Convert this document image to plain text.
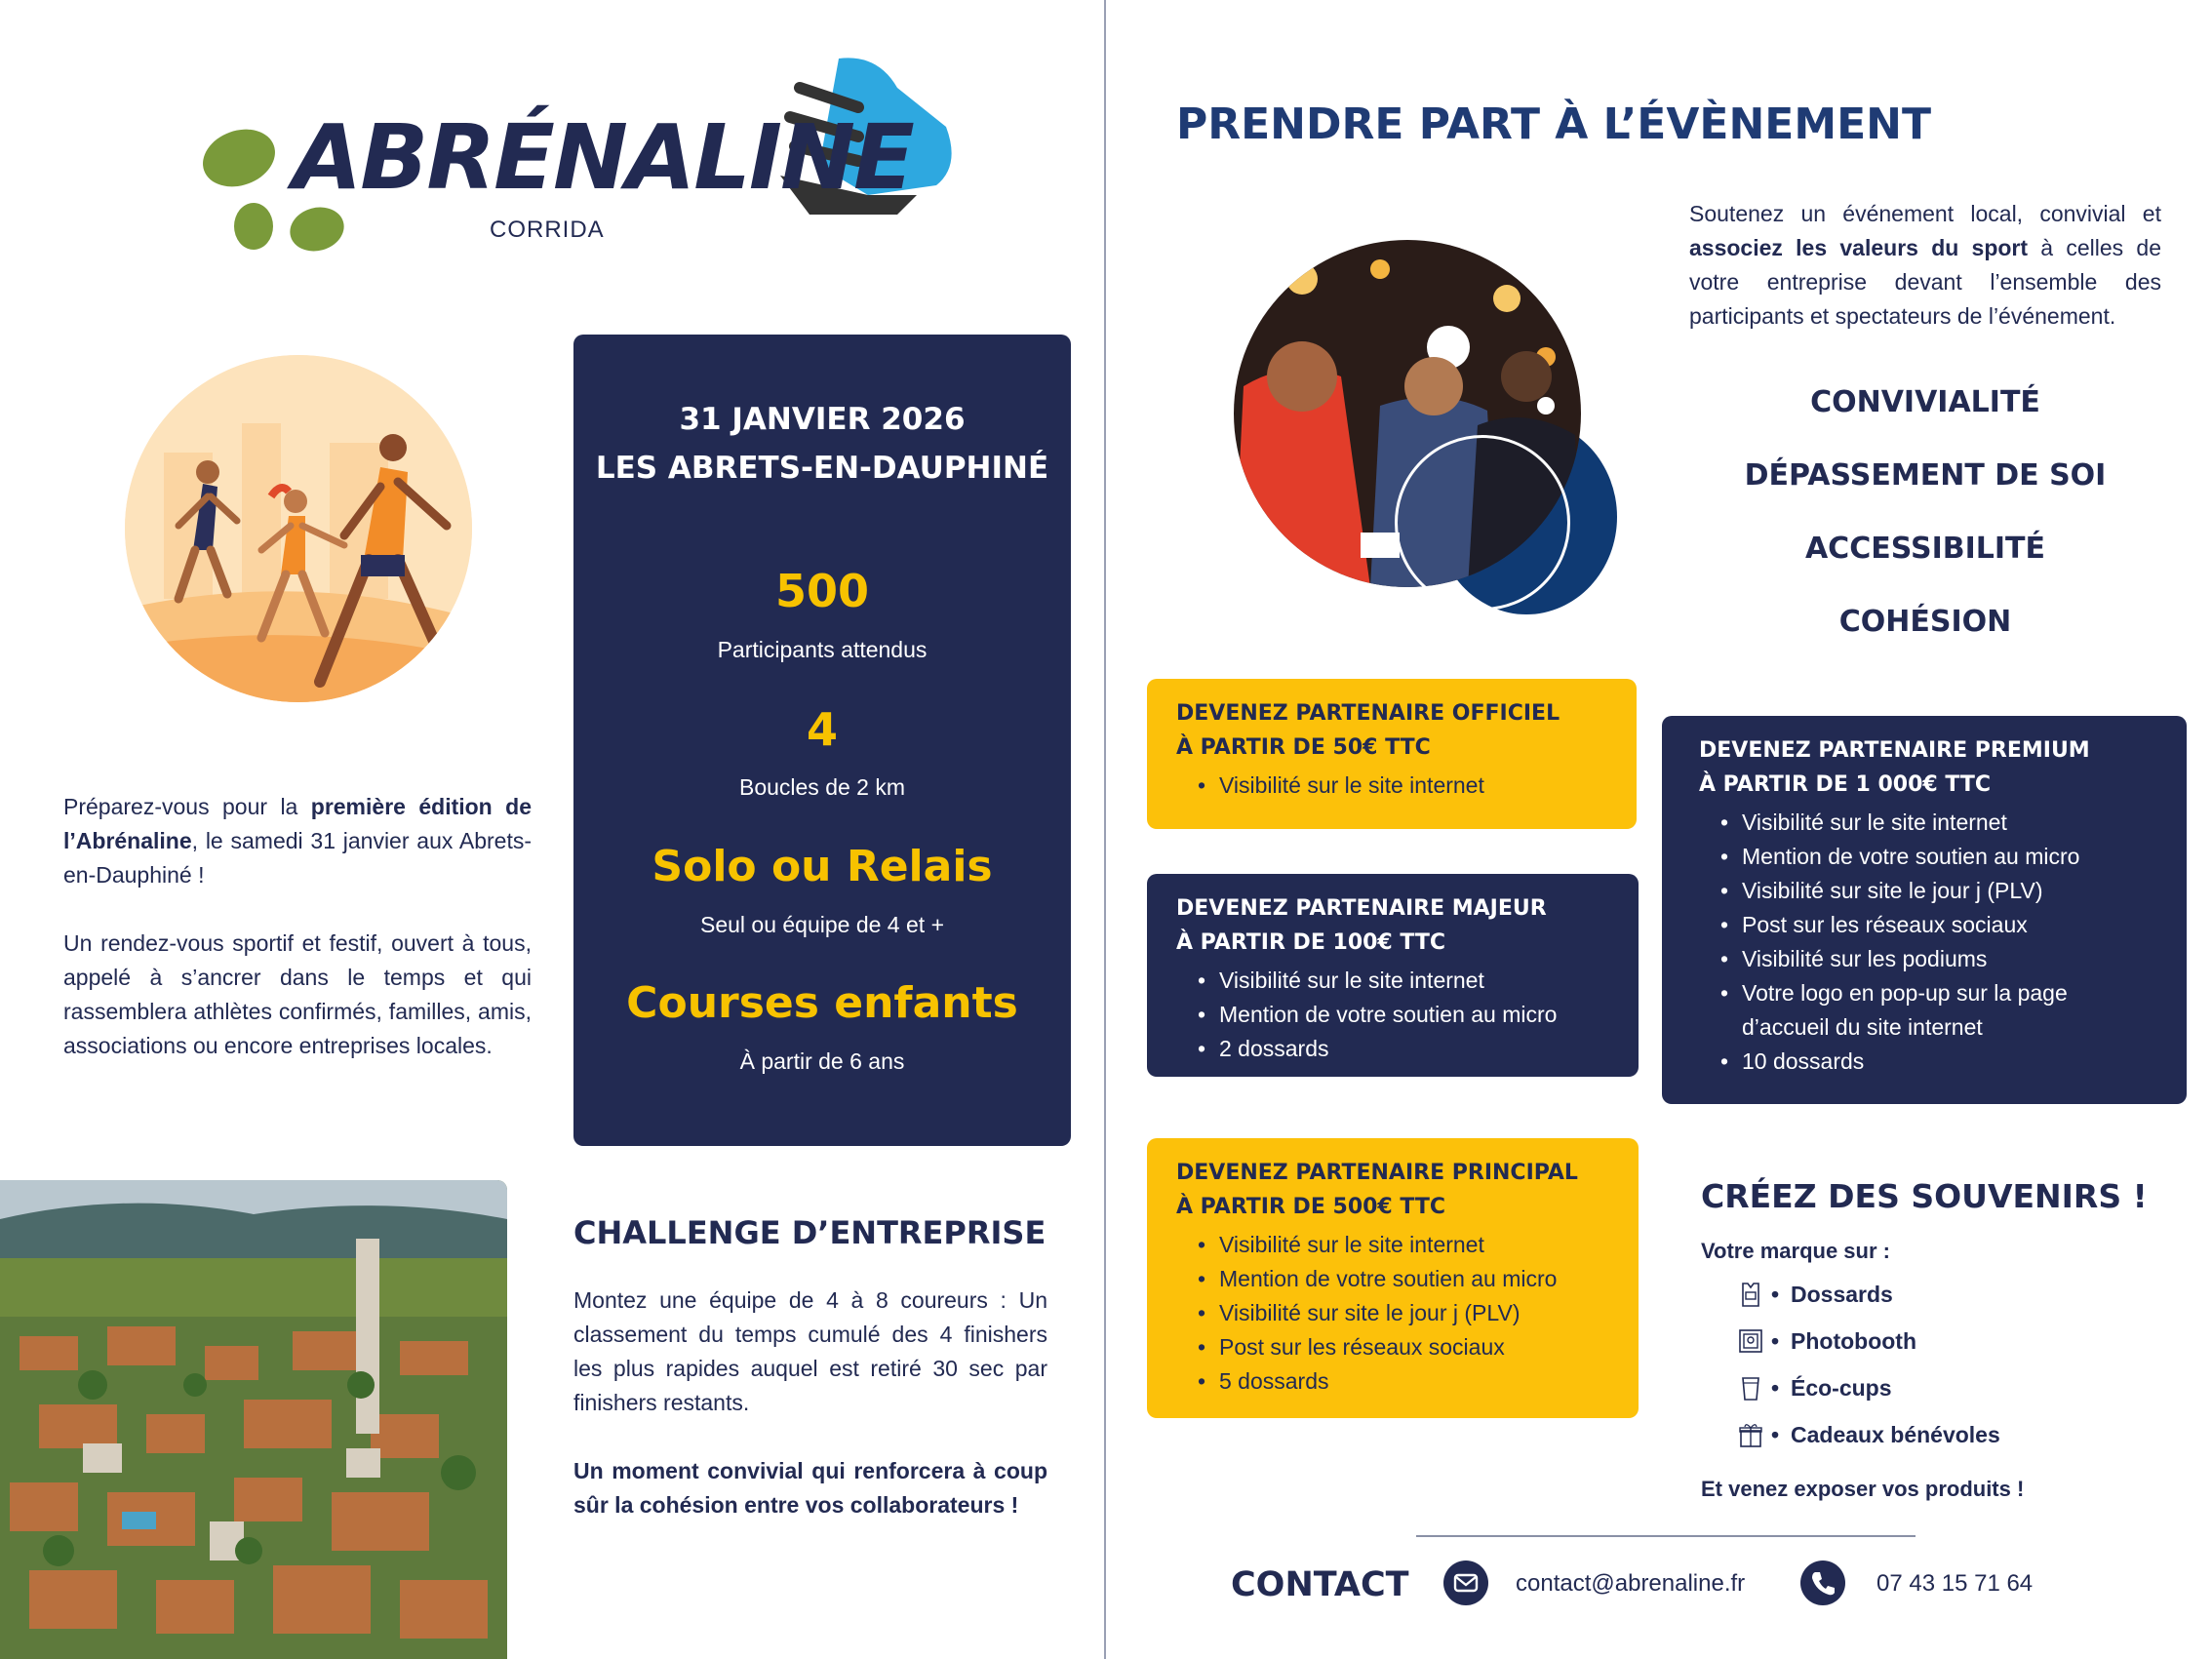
ABRÉNALINE
CORRIDA

Préparez-vous pour la première édition de l’Abrénaline, le samedi 31 janvier aux Abrets-en-Dauphiné !

Un rendez-vous sportif et festif, ouvert à tous, appelé à s’ancrer dans le temps et qui rassemblera athlètes confirmés, familles, amis, associations ou encore entreprises locales.

31 JANVIER 2026
LES ABRETS-EN-DAUPHINÉ
500
Participants attendus
4
Boucles de 2 km
Solo ou Relais
Seul ou équipe de 4 et +
Courses enfants
À partir de 6 ans
CHALLENGE D’ENTREPRISE

Montez une équipe de 4 à 8 coureurs : Un classement du temps cumulé des 4 finishers les plus rapides auquel est retiré 30 sec par finishers restants.

Un moment convivial qui renforcera à coup sûr la cohésion entre vos collaborateurs !

PRENDRE PART À L’ÉVÈNEMENT
Soutenez un événement local, convivial et associez les valeurs du sport à celles de votre entreprise devant l’ensemble des participants et spectateurs de l’événement.
CONVIVIALITÉ
DÉPASSEMENT DE SOI
ACCESSIBILITÉ
COHÉSION
DEVENEZ PARTENAIRE OFFICIEL
À PARTIR DE 50€ TTC
• Visibilité sur le site internet
DEVENEZ PARTENAIRE MAJEUR
À PARTIR DE 100€ TTC
• Visibilité sur le site internet
• Mention de votre soutien au micro
• 2 dossards
DEVENEZ PARTENAIRE PRINCIPAL
À PARTIR DE 500€ TTC
• Visibilité sur le site internet
• Mention de votre soutien au micro
• Visibilité sur site le jour j (PLV)
• Post sur les réseaux sociaux
• 5 dossards
DEVENEZ PARTENAIRE PREMIUM
À PARTIR DE 1 000€ TTC
• Visibilité sur le site internet
• Mention de votre soutien au micro
• Visibilité sur site le jour j (PLV)
• Post sur les réseaux sociaux
• Visibilité sur les podiums
• Votre logo en pop-up sur la page d’accueil du site internet
• 10 dossards
CRÉEZ DES SOUVENIRS !
Votre marque sur :
• Dossards
• Photobooth
• Éco-cups
• Cadeaux bénévoles
Et venez exposer vos produits !
CONTACT	contact@abrenaline.fr	07 43 15 71 64
